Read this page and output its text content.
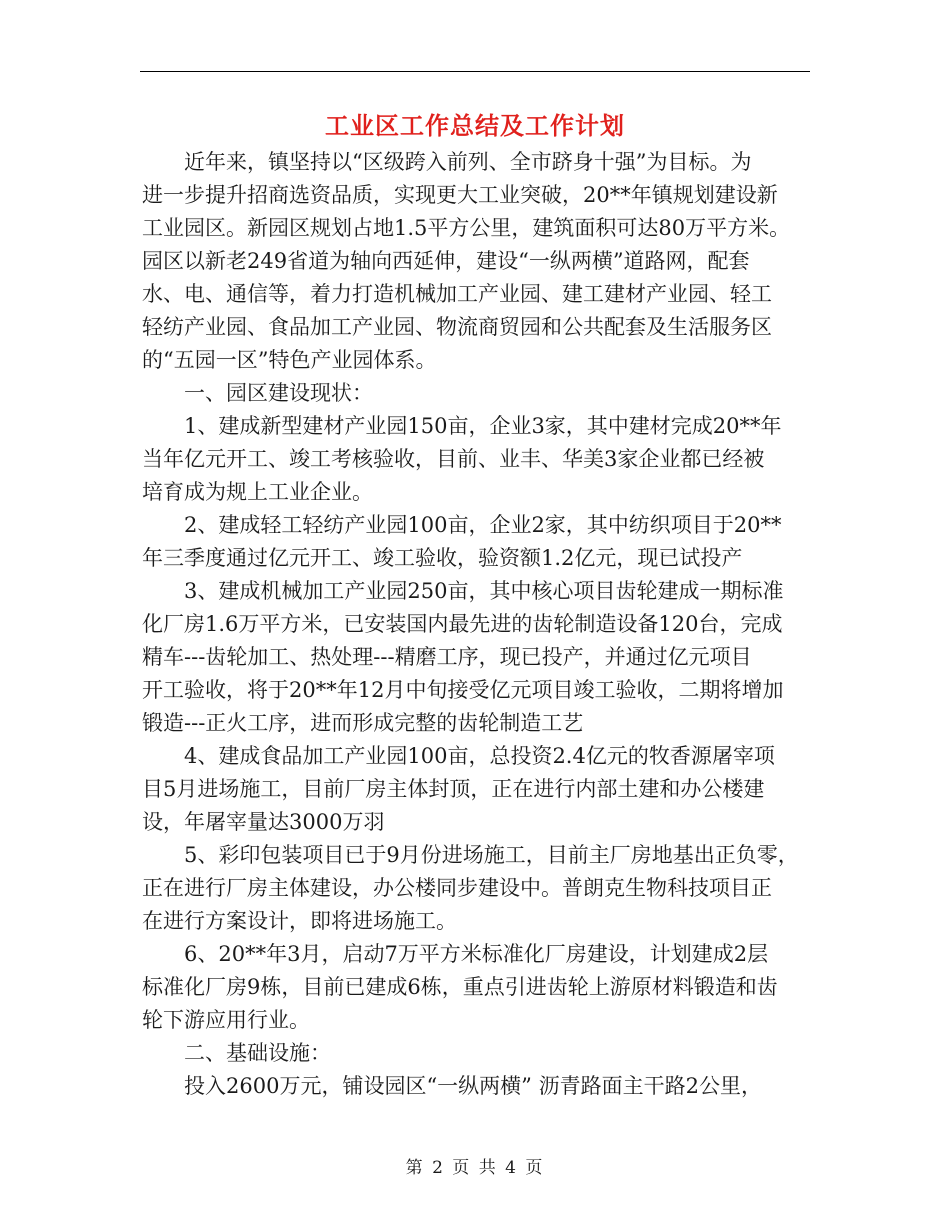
工业区工作总结及工作计划
近年来，镇坚持以“区级跨入前列、全市跻身十强”为目标。为
进一步提升招商选资品质，实现更大工业突破，20**年镇规划建设新
工业园区。新园区规划占地1.5平方公里，建筑面积可达80万平方米。
园区以新老249省道为轴向西延伸，建设“一纵两横”道路网，配套
水、电、通信等，着力打造机械加工产业园、建工建材产业园、轻工
轻纺产业园、食品加工产业园、物流商贸园和公共配套及生活服务区
的“五园一区”特色产业园体系。
一、园区建设现状：
1、建成新型建材产业园150亩，企业3家，其中建材完成20**年
当年亿元开工、竣工考核验收，目前、业丰、华美3家企业都已经被
培育成为规上工业企业。
2、建成轻工轻纺产业园100亩，企业2家，其中纺织项目于20**
年三季度通过亿元开工、竣工验收，验资额1.2亿元，现已试投产
3、建成机械加工产业园250亩，其中核心项目齿轮建成一期标准
化厂房1.6万平方米，已安装国内最先进的齿轮制造设备120台，完成
精车---齿轮加工、热处理---精磨工序，现已投产，并通过亿元项目
开工验收，将于20**年12月中旬接受亿元项目竣工验收，二期将增加
锻造---正火工序，进而形成完整的齿轮制造工艺
4、建成食品加工产业园100亩，总投资2.4亿元的牧香源屠宰项
目5月进场施工，目前厂房主体封顶，正在进行内部土建和办公楼建
设，年屠宰量达3000万羽
5、彩印包装项目已于9月份进场施工，目前主厂房地基出正负零，
正在进行厂房主体建设，办公楼同步建设中。普朗克生物科技项目正
在进行方案设计，即将进场施工。
6、20**年3月，启动7万平方米标准化厂房建设，计划建成2层
标准化厂房9栋，目前已建成6栋，重点引进齿轮上游原材料锻造和齿
轮下游应用行业。
二、基础设施：
投入2600万元，铺设园区“一纵两横” 沥青路面主干路2公里，
第 2 页 共 4 页
